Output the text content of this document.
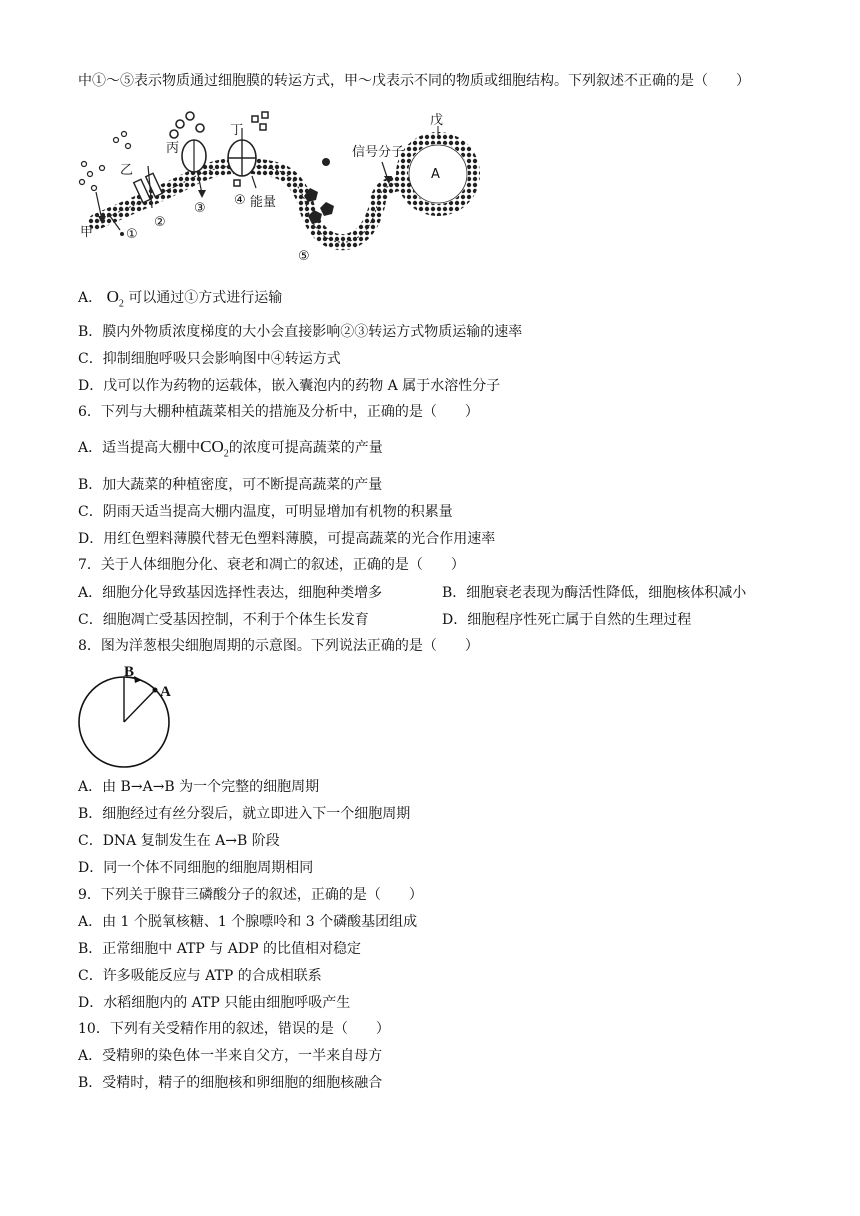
中①～⑤表示物质通过细胞膜的转运方式，甲～戊表示不同的物质或细胞结构。下列叙述不正确的是（　　）
甲
乙
丙
丁
戊
信号分子
A
能量
①
②
③
④
⑤
A． $O_2$ 可以通过①方式进行运输
B．膜内外物质浓度梯度的大小会直接影响②③转运方式物质运输的速率
C．抑制细胞呼吸只会影响图中④转运方式
D．戊可以作为药物的运载体，嵌入囊泡内的药物 A 属于水溶性分子
6．下列与大棚种植蔬菜相关的措施及分析中，正确的是（　　）
A．适当提高大棚中$CO_2$的浓度可提高蔬菜的产量
B．加大蔬菜的种植密度，可不断提高蔬菜的产量
C．阴雨天适当提高大棚内温度，可明显增加有机物的积累量
D．用红色塑料薄膜代替无色塑料薄膜，可提高蔬菜的光合作用速率
7．关于人体细胞分化、衰老和凋亡的叙述，正确的是（　　）
A．细胞分化导致基因选择性表达，细胞种类增多	B．细胞衰老表现为酶活性降低，细胞核体积减小
C．细胞凋亡受基因控制，不利于个体生长发育	D．细胞程序性死亡属于自然的生理过程
8．图为洋葱根尖细胞周期的示意图。下列说法正确的是（　　）
B
A
A．由 B→A→B 为一个完整的细胞周期
B．细胞经过有丝分裂后，就立即进入下一个细胞周期
C．DNA 复制发生在 A→B 阶段
D．同一个体不同细胞的细胞周期相同
9．下列关于腺苷三磷酸分子的叙述，正确的是（　　）
A．由 1 个脱氧核糖、1 个腺嘌呤和 3 个磷酸基团组成
B．正常细胞中 ATP 与 ADP 的比值相对稳定
C．许多吸能反应与 ATP 的合成相联系
D．水稻细胞内的 ATP 只能由细胞呼吸产生
10．下列有关受精作用的叙述，错误的是（　　）
A．受精卵的染色体一半来自父方，一半来自母方
B．受精时，精子的细胞核和卵细胞的细胞核融合
